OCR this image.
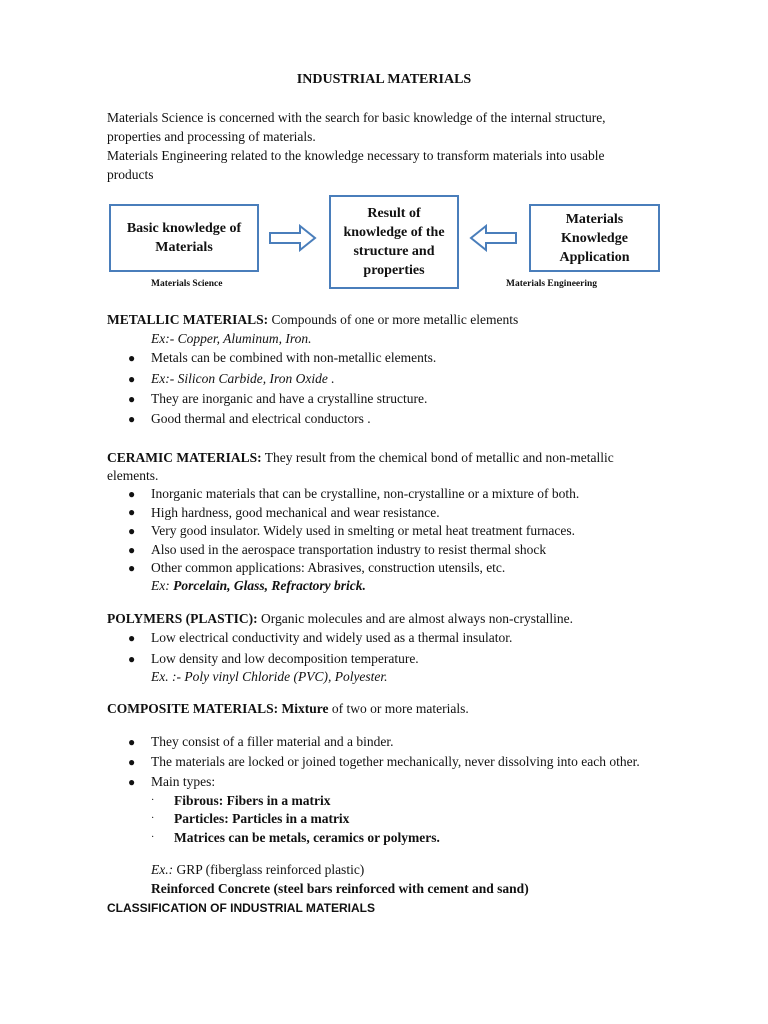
INDUSTRIAL MATERIALS
Materials Science is concerned with the search for basic knowledge of the internal structure,
properties and processing of materials.
Materials Engineering related to the knowledge necessary to transform materials into usable
products
Basic knowledge of
Materials
Result of
knowledge of the
structure and
properties
Materials
Knowledge
Application
Materials Science	Materials Engineering
METALLIC MATERIALS: Compounds of one or more metallic elements
Ex:- Copper, Aluminum, Iron.
● Metals can be combined with non-metallic elements.
● Ex:- Silicon Carbide, Iron Oxide .
● They are inorganic and have a crystalline structure.
● Good thermal and electrical conductors .
CERAMIC MATERIALS: They result from the chemical bond of metallic and non-metallic
elements.
● Inorganic materials that can be crystalline, non-crystalline or a mixture of both.
● High hardness, good mechanical and wear resistance.
● Very good insulator. Widely used in smelting or metal heat treatment furnaces.
● Also used in the aerospace transportation industry to resist thermal shock
● Other common applications: Abrasives, construction utensils, etc.
Ex: Porcelain, Glass, Refractory brick.
POLYMERS (PLASTIC): Organic molecules and are almost always non-crystalline.
● Low electrical conductivity and widely used as a thermal insulator.
● Low density and low decomposition temperature.
Ex. :- Poly vinyl Chloride (PVC), Polyester.
COMPOSITE MATERIALS: Mixture of two or more materials.
● They consist of a filler material and a binder.
● The materials are locked or joined together mechanically, never dissolving into each other.
● Main types:
· Fibrous: Fibers in a matrix
· Particles: Particles in a matrix
· Matrices can be metals, ceramics or polymers.
Ex.: GRP (fiberglass reinforced plastic)
Reinforced Concrete (steel bars reinforced with cement and sand)
CLASSIFICATION OF INDUSTRIAL MATERIALS
